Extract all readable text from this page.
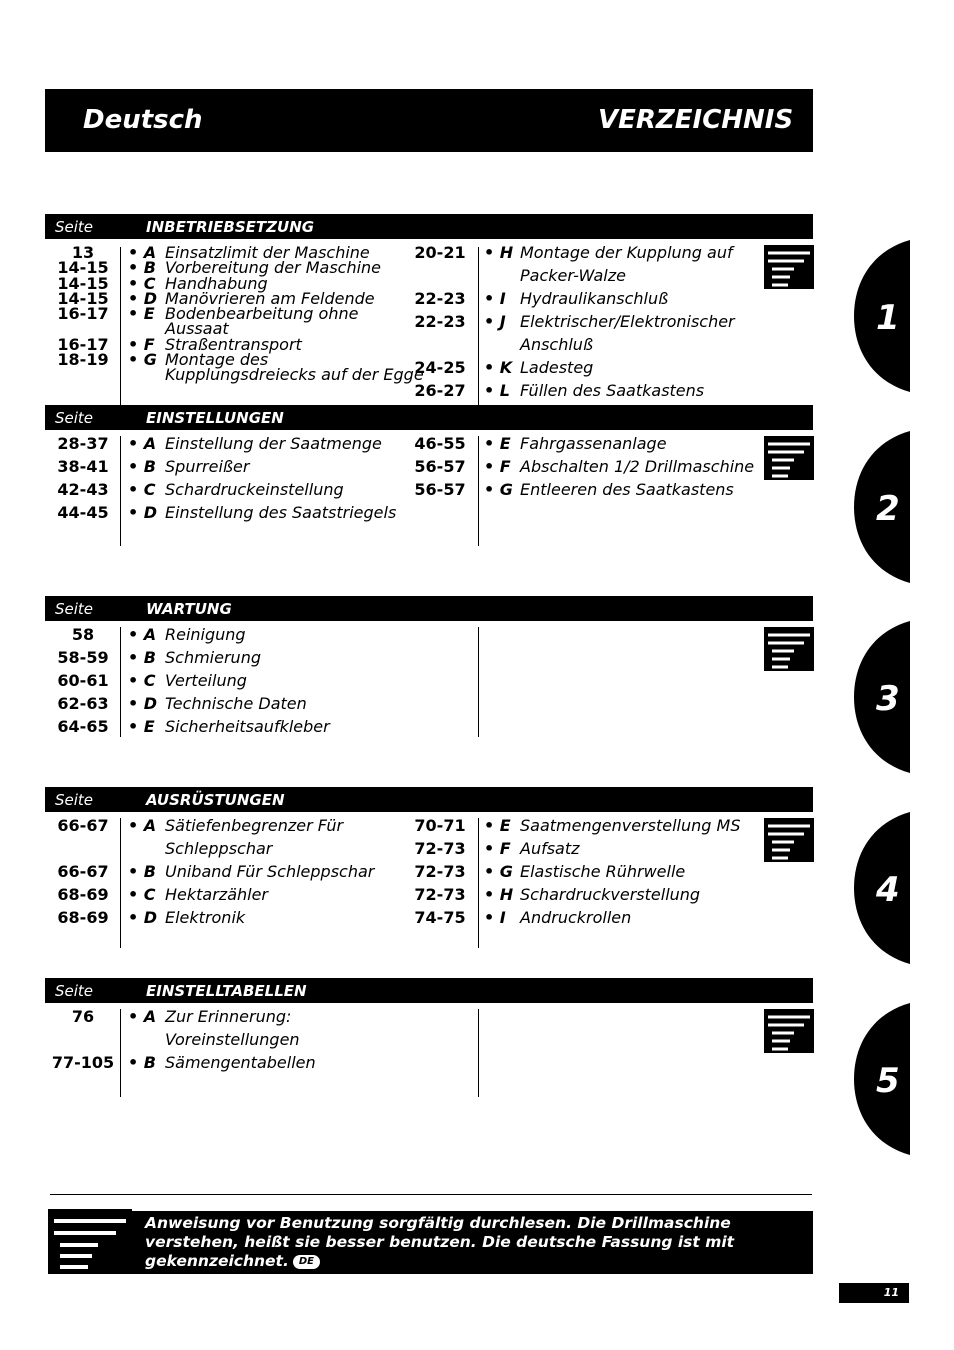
Deutsch	VERZEICHNIS
Seite	INBETRIEBSETZUNG
13	• A Einsatzlimit der Maschine
14-15	• B Vorbereitung der Maschine
14-15	• C Handhabung
14-15	• D Manövrieren am Feldende
16-17	• E Bodenbearbeitung ohne
Aussaat
16-17	• F Straßentransport
18-19	• G Montage des
Kupplungsdreiecks auf der Egge
20-21 • H Montage der Kupplung auf
Packer-Walze
22-23 • I Hydraulikanschluß
22-23 • J Elektrischer/Elektronischer
Anschluß
24-25 • K Ladesteg
26-27 • L Füllen des Saatkastens
Seite	EINSTELLUNGEN
28-37	• A Einstellung der Saatmenge
38-41	• B Spurreißer
42-43	• C Schardruckeinstellung
44-45	• D Einstellung des Saatstriegels
46-55 • E Fahrgassenanlage
56-57 • F Abschalten 1/2 Drillmaschine
56-57 • G Entleeren des Saatkastens
Seite	WARTUNG
58	• A Reinigung
58-59	• B Schmierung
60-61	• C Verteilung
62-63	• D Technische Daten
64-65	• E Sicherheitsaufkleber
Seite	AUSRÜSTUNGEN
66-67	• A Sätiefenbegrenzer Für
Schleppschar
66-67	• B Uniband Für Schleppschar
68-69	• C Hektarzähler
68-69	• D Elektronik
70-71 • E Saatmengenverstellung MS
72-73 • F Aufsatz
72-73 • G Elastische Rührwelle
72-73 • H Schardruckverstellung
74-75 • I Andruckrollen
Seite	EINSTELLTABELLEN
76	• A Zur Erinnerung:
Voreinstellungen
77-105 • B Sämengentabellen
1
2
3
4
5
Anweisung vor Benutzung sorgfältig durchlesen. Die Drillmaschine
verstehen, heißt sie besser benutzen. Die deutsche Fassung ist mit
gekennzeichnet. DE
11
